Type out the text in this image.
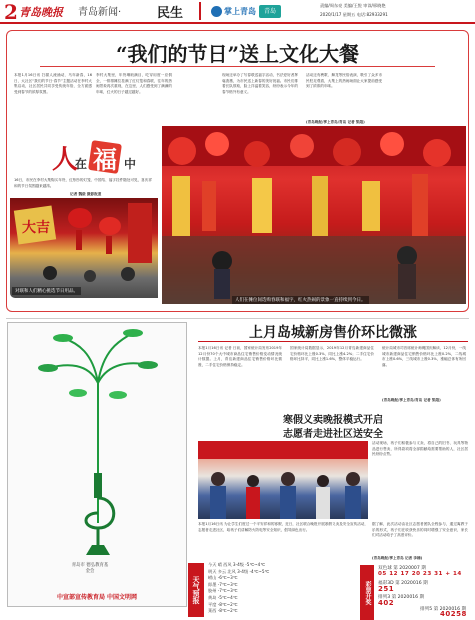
2 青岛晚报 青岛新闻·	民生	掌上青岛	青岛
责编/周东亮 美编/王悦 审读/邢晓艳
2020/1/17 星期五 电话:82933291
“我们的节日”送上文化大餐
本报1月16日讯 扫描人流涌动，马年新春，16日，大社区“我们的节日·春节”主题活动在李村大集启动，社区居民共同享受传统年俗，全方面感受到春节的浓厚氛围。
李村大集里，年货琳琅满目，吃穿用度一应俱全，一排排摊位挂满了红灯笼和春联，往年的热闹景象再次重现，在这里，人们感受到了满满的年味，红火的日子越过越好。
现场还举办了写春联送福字活动，书法爱好者挥毫泼墨，为市民送上新春的美好祝福。市民们排着长队领取，脸上洋溢着笑容，纷纷表示今年的春节格外有意义。
活动还有秧歌、舞龙等民俗表演，吸引了众多市民驻足观看，大集上的热闹场面让大家提前感受到了浓浓的年味。
(青岛晚报/掌上青岛/青岛 记者 梁超)
人
在 福 中
16日，市民在李村大集购买年货，红彤彤的灯笼、中国结、福字挂件随处可见，喜庆祥和的节日氛围越来越浓。
记者 魏骁 摄影报道
大吉
对联和人们精心挑选节日用品。
人们在摊位间选购春联和福字，红火热闹的景象一直持续到今日。
青岛市 德弘教育基金会
中宣部宣传教育局 中国文明网
上月岛城新房售价环比微涨
本报1月16日讯 记者 日前，国家统计局发布2019年12月份70个大中城市商品住宅销售价格变动情况统计数据。上月，青岛新建商品住宅销售价格环比微涨，二手住宅价格保持稳定。
国家统计局数据显示，2019年12月青岛新建商品住宅价格环比上涨0.3%，同比上涨4.2%；二手住宅价格环比持平，同比上涨1.6%，整体平稳运行。
统计局城市司首席统计师绳国庆解读，12月份，一线城市新建商品住宅销售价格环比上涨0.2%，二线城市上涨0.6%，三线城市上涨0.3%，涨幅总体有所回落。
(青岛晚报/掌上青岛/青岛 记者 梁超)
寒假义卖晚报模式开启
志愿者走进社区送安全
活动现场，孩子们积极参与义卖，将自己的旧书、玩具等物品进行售卖，所得款项将全部捐献给需要帮助的人，社区居民纷纷点赞。
本报1月16日讯 为让学生们度过一个平安祥和的寒假，近日，社区联合晚报开展寒假义卖及安全宣传活动，志愿者走进社区，给孩子们讲解防火防电等安全知识，倡导绿色出行。
据了解，此次活动由社区志愿者团队全程参与，通过寓教于乐的形式，孩子们在收获快乐的同时增强了安全意识，家长们对活动给予了高度评价。
(青岛晚报/掌上青岛 记者 李楠)
天气预报
今天 晴 西风 3-4级 -5℃~4℃
明天 多云 北风 3-4级 -4℃~5℃
崂山 -6℃~3℃
即墨 -7℃~3℃
胶州 -7℃~3℃
黄岛 -5℃~4℃
平度 -8℃~2℃
莱西 -8℃~2℃
彩票开奖
双色球 第 2020007 期
05 12 17 20 23 31 + 14
福彩3D 第 2020016 期
251
排列3 第 2020016 期
402
排列5 第 2020016 期
40258
